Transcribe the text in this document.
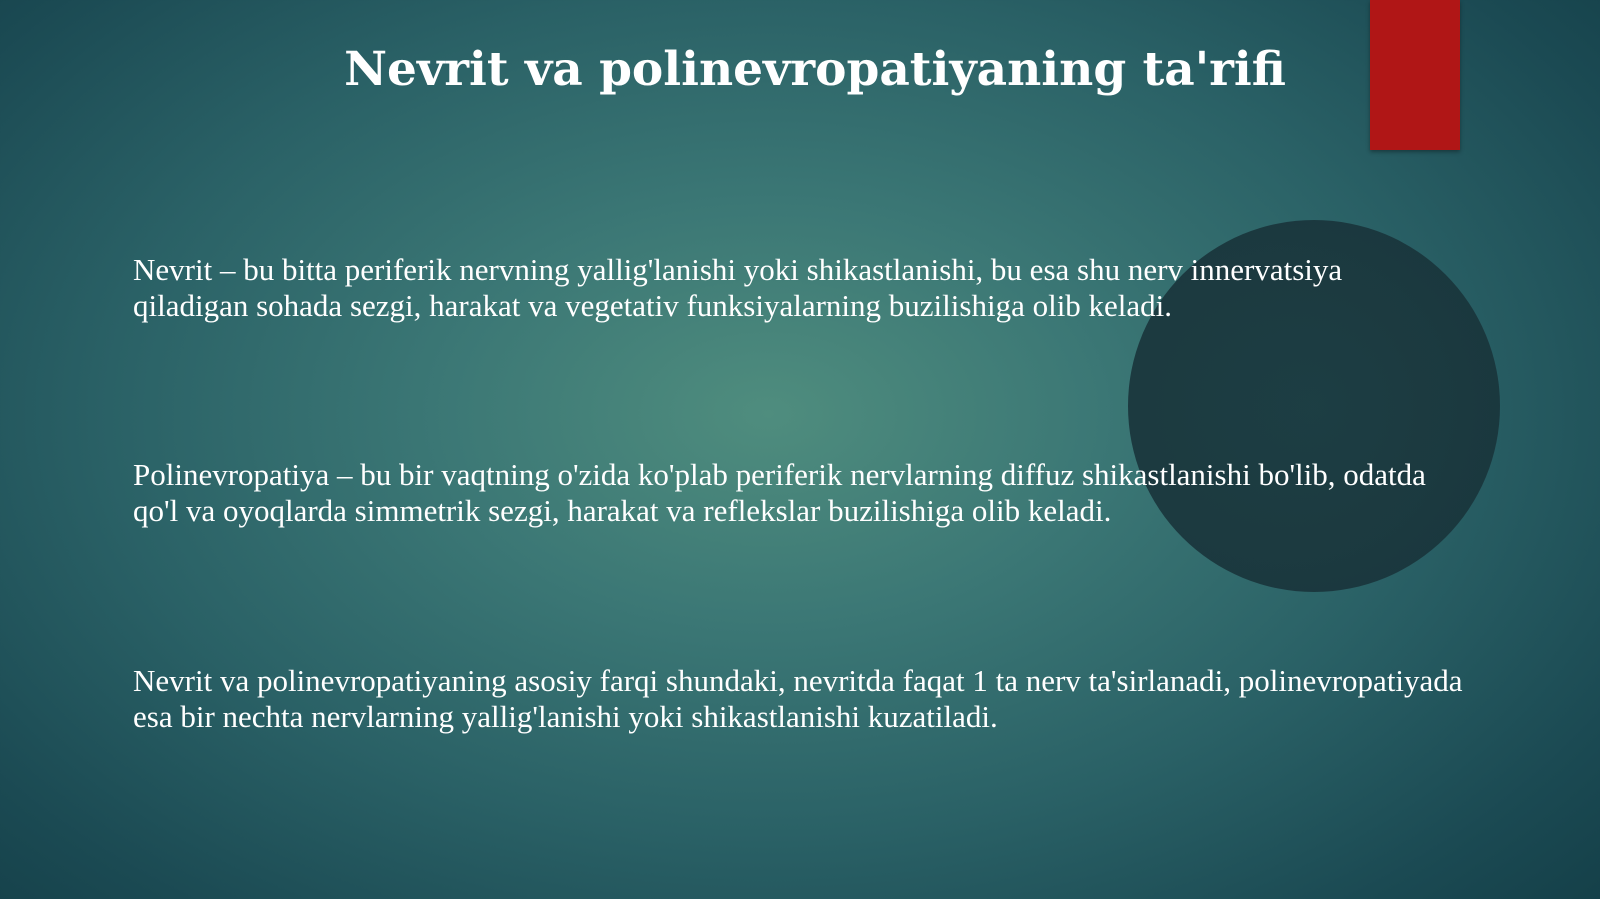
Nevrit va polinevropatiyaning ta'rifi
Nevrit – bu bitta periferik nervning yallig'lanishi yoki shikastlanishi, bu esa shu nerv innervatsiya qiladigan sohada sezgi, harakat va vegetativ funksiyalarning buzilishiga olib keladi.
Polinevropatiya – bu bir vaqtning o'zida ko'plab periferik nervlarning diffuz shikastlanishi bo'lib, odatda qo'l va oyoqlarda simmetrik sezgi, harakat va reflekslar buzilishiga olib keladi.
Nevrit va polinevropatiyaning asosiy farqi shundaki, nevritda faqat 1 ta nerv ta'sirlanadi, polinevropatiyada esa bir nechta nervlarning yallig'lanishi yoki shikastlanishi kuzatiladi.
